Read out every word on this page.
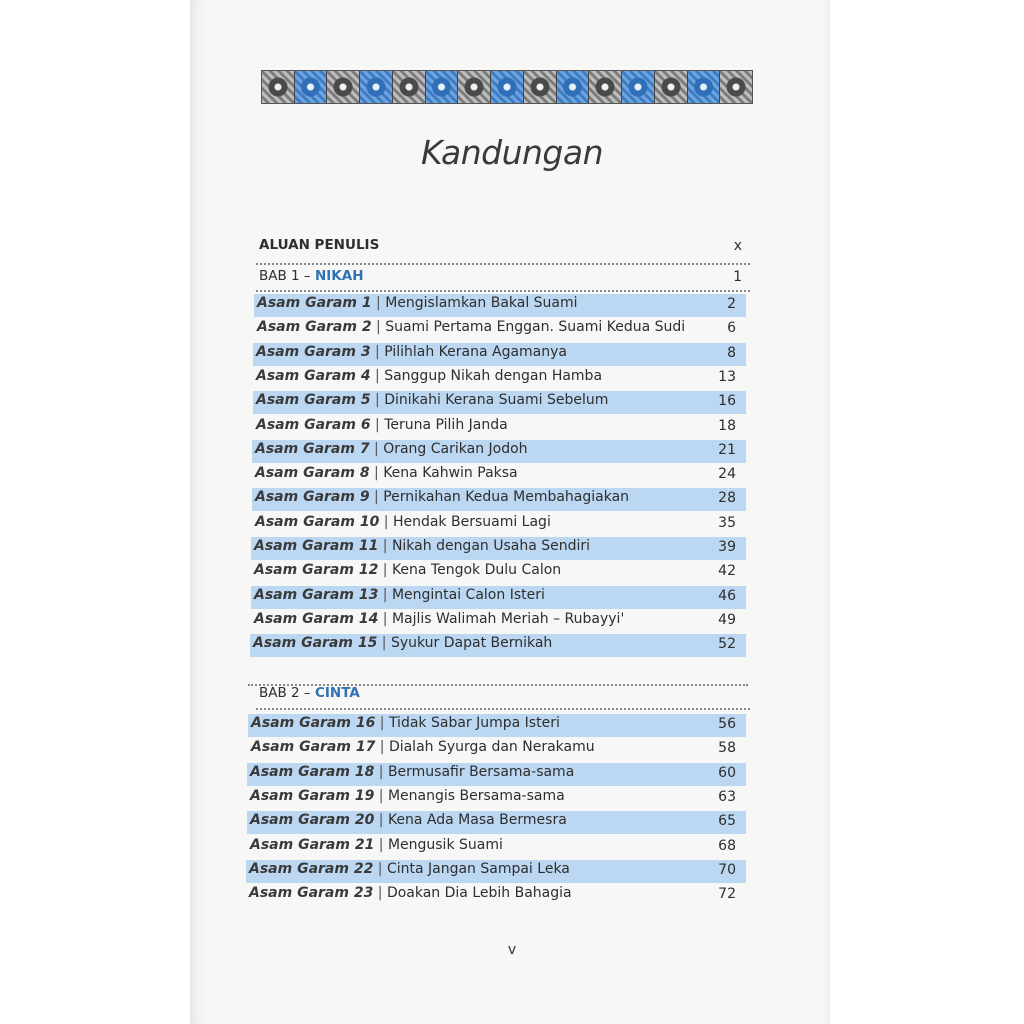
Kandungan
ALUAN PENULIS	x
BAB 1 – NIKAH	1
Asam Garam 1 | Mengislamkan Bakal Suami	2
Asam Garam 2 | Suami Pertama Enggan. Suami Kedua Sudi	6
Asam Garam 3 | Pilihlah Kerana Agamanya	8
Asam Garam 4 | Sanggup Nikah dengan Hamba	13
Asam Garam 5 | Dinikahi Kerana Suami Sebelum	16
Asam Garam 6 | Teruna Pilih Janda	18
Asam Garam 7 | Orang Carikan Jodoh	21
Asam Garam 8 | Kena Kahwin Paksa	24
Asam Garam 9 | Pernikahan Kedua Membahagiakan	28
Asam Garam 10 | Hendak Bersuami Lagi	35
Asam Garam 11 | Nikah dengan Usaha Sendiri	39
Asam Garam 12 | Kena Tengok Dulu Calon	42
Asam Garam 13 | Mengintai Calon Isteri	46
Asam Garam 14 | Majlis Walimah Meriah – Rubayyi'	49
Asam Garam 15 | Syukur Dapat Bernikah	52
BAB 2 – CINTA
Asam Garam 16 | Tidak Sabar Jumpa Isteri	56
Asam Garam 17 | Dialah Syurga dan Nerakamu	58
Asam Garam 18 | Bermusafir Bersama-sama	60
Asam Garam 19 | Menangis Bersama-sama	63
Asam Garam 20 | Kena Ada Masa Bermesra	65
Asam Garam 21 | Mengusik Suami	68
Asam Garam 22 | Cinta Jangan Sampai Leka	70
Asam Garam 23 | Doakan Dia Lebih Bahagia	72
v
